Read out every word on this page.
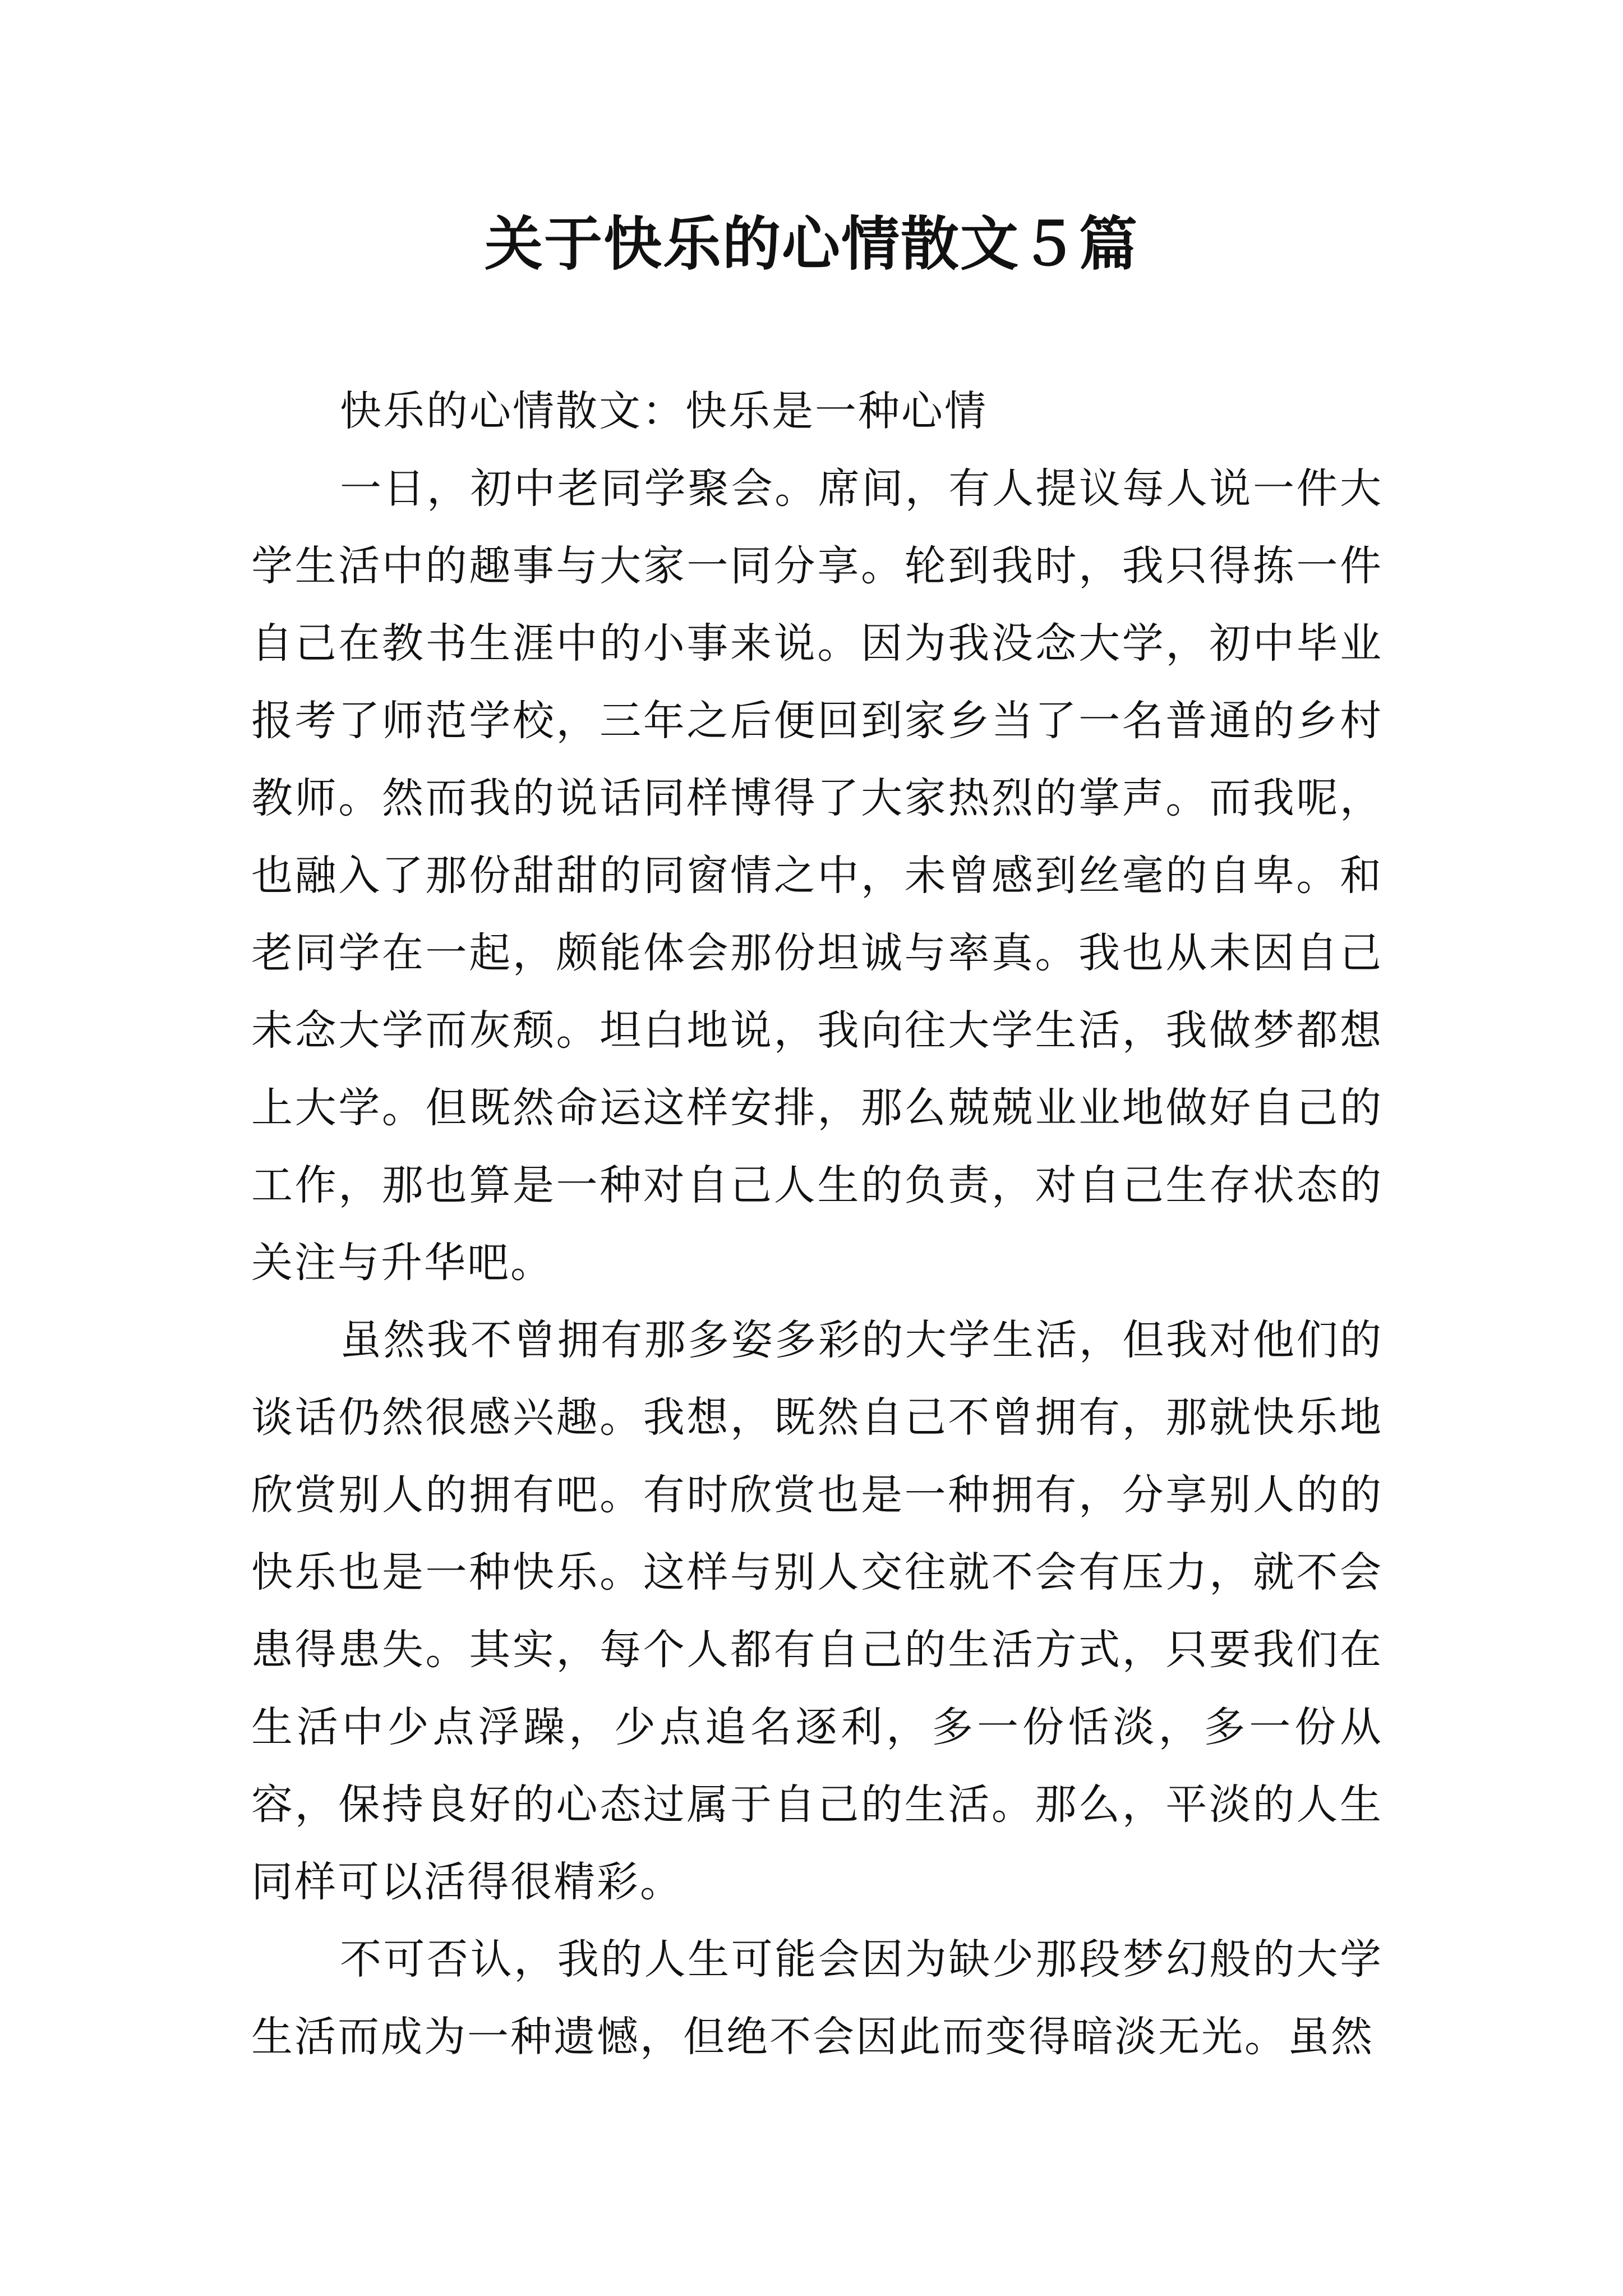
关于快乐的心情散文５篇

快乐的心情散文：快乐是一种心情

一日，初中老同学聚会。席间，有人提议每人说一件大学生活中的趣事与大家一同分享。轮到我时，我只得拣一件自己在教书生涯中的小事来说。因为我没念大学，初中毕业报考了师范学校，三年之后便回到家乡当了一名普通的乡村教师。然而我的说话同样博得了大家热烈的掌声。而我呢，也融入了那份甜甜的同窗情之中，未曾感到丝毫的自卑。和老同学在一起，颇能体会那份坦诚与率真。我也从未因自己未念大学而灰颓。坦白地说，我向往大学生活，我做梦都想上大学。但既然命运这样安排，那么兢兢业业地做好自己的工作，那也算是一种对自己人生的负责，对自己生存状态的关注与升华吧。

虽然我不曾拥有那多姿多彩的大学生活，但我对他们的谈话仍然很感兴趣。我想，既然自己不曾拥有，那就快乐地欣赏别人的拥有吧。有时欣赏也是一种拥有，分享别人的的快乐也是一种快乐。这样与别人交往就不会有压力，就不会患得患失。其实，每个人都有自己的生活方式，只要我们在生活中少点浮躁，少点追名逐利，多一份恬淡，多一份从容，保持良好的心态过属于自己的生活。那么，平淡的人生同样可以活得很精彩。

不可否认，我的人生可能会因为缺少那段梦幻般的大学生活而成为一种遗憾，但绝不会因此而变得暗淡无光。虽然
